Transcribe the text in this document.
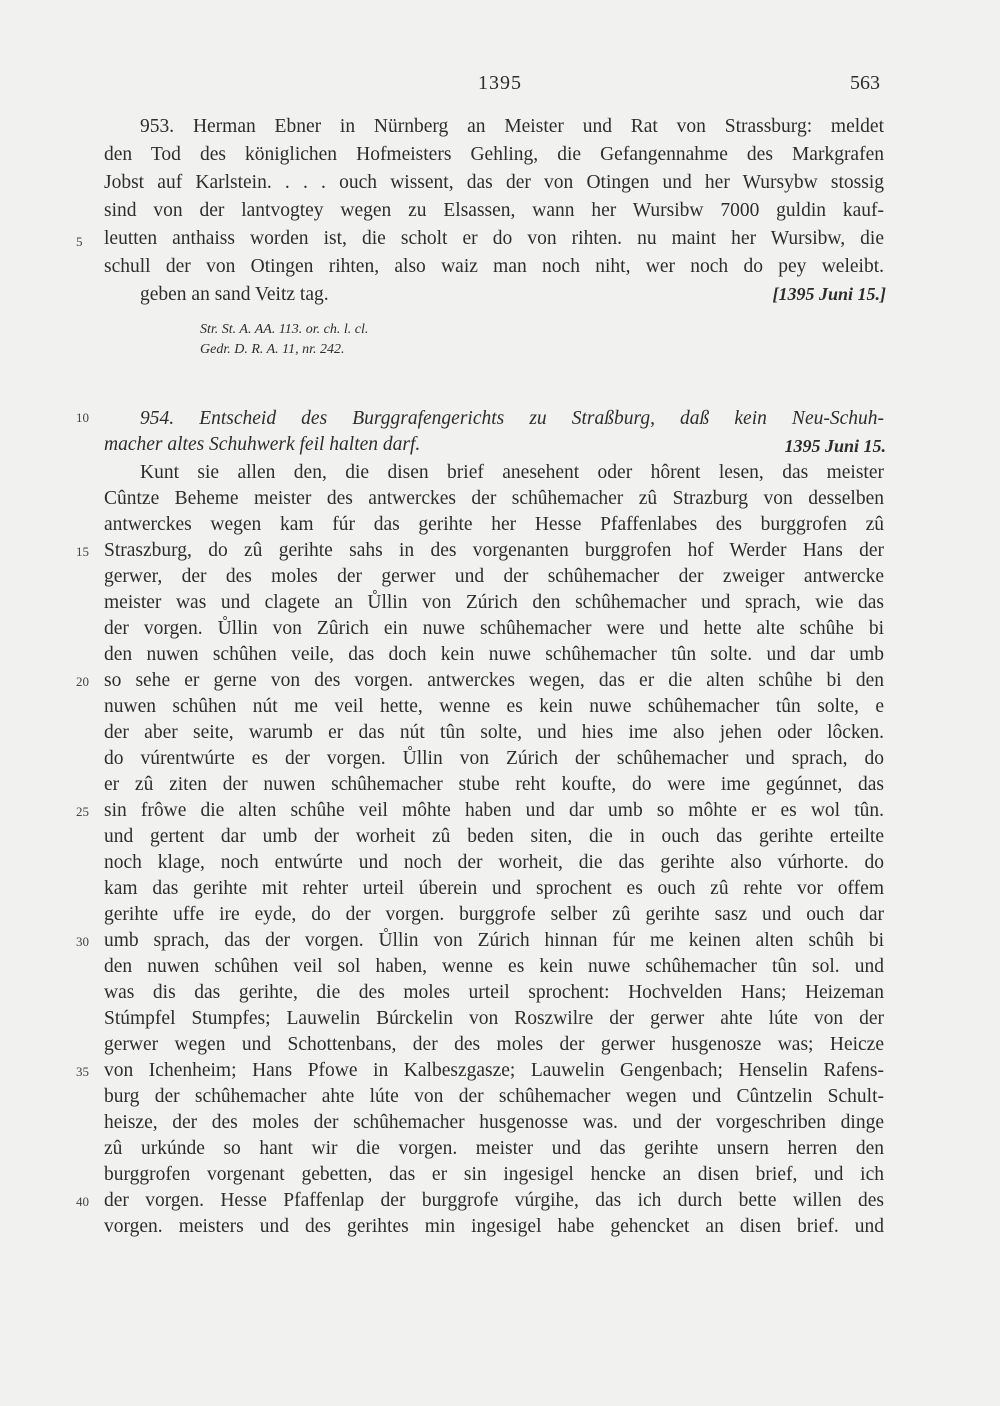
1395	563
953. Herman Ebner in Nürnberg an Meister und Rat von Strassburg: meldet
den Tod des königlichen Hofmeisters Gehling, die Gefangennahme des Markgrafen
Jobst auf Karlstein. . . . ouch wissent, das der von Otingen und her Wursybw stossig
sind von der lantvogtey wegen zu Elsassen, wann her Wursibw 7000 guldin kauf-
leutten anthaiss worden ist, die scholt er do von rihten. nu maint her Wursibw, die
schull der von Otingen rihten, also waiz man noch niht, wer noch do pey weleibt.
geben an sand Veitz tag.	[1395 Juni 15.]
Str. St. A. AA. 113. or. ch. l. cl.
Gedr. D. R. A. 11, nr. 242.
954. Entscheid des Burggrafengerichts zu Straßburg, daß kein Neu-Schuh-
macher altes Schuhwerk feil halten darf.	1395 Juni 15.
Kunt sie allen den, die disen brief anesehent oder hôrent lesen, das meister
Cûntze Beheme meister des antwerckes der schûhemacher zû Strazburg von desselben
antwerckes wegen kam fúr das gerihte her Hesse Pfaffenlabes des burggrofen zû
Straszburg, do zû gerihte sahs in des vorgenanten burggrofen hof Werder Hans der
gerwer, der des moles der gerwer und der schûhemacher der zweiger antwercke
meister was und clagete an Ůllin von Zúrich den schûhemacher und sprach, wie das
der vorgen. Ůllin von Zûrich ein nuwe schûhemacher were und hette alte schûhe bi
den nuwen schûhen veile, das doch kein nuwe schûhemacher tûn solte. und dar umb
so sehe er gerne von des vorgen. antwerckes wegen, das er die alten schûhe bi den
nuwen schûhen nút me veil hette, wenne es kein nuwe schûhemacher tûn solte, e
der aber seite, warumb er das nút tûn solte, und hies ime also jehen oder lôcken.
do vúrentwúrte es der vorgen. Ůllin von Zúrich der schûhemacher und sprach, do
er zû ziten der nuwen schûhemacher stube reht koufte, do were ime gegúnnet, das
sin frôwe die alten schûhe veil môhte haben und dar umb so môhte er es wol tûn.
und gertent dar umb der worheit zû beden siten, die in ouch das gerihte erteilte
noch klage, noch entwúrte und noch der worheit, die das gerihte also vúrhorte. do
kam das gerihte mit rehter urteil úberein und sprochent es ouch zû rehte vor offem
gerihte uffe ire eyde, do der vorgen. burggrofe selber zû gerihte sasz und ouch dar
umb sprach, das der vorgen. Ůllin von Zúrich hinnan fúr me keinen alten schûh bi
den nuwen schûhen veil sol haben, wenne es kein nuwe schûhemacher tûn sol. und
was dis das gerihte, die des moles urteil sprochent: Hochvelden Hans; Heizeman
Stúmpfel Stumpfes; Lauwelin Búrckelin von Roszwilre der gerwer ahte lúte von der
gerwer wegen und Schottenbans, der des moles der gerwer husgenosze was; Heicze
von Ichenheim; Hans Pfowe in Kalbeszgasze; Lauwelin Gengenbach; Henselin Rafens-
burg der schûhemacher ahte lúte von der schûhemacher wegen und Cûntzelin Schult-
heisze, der des moles der schûhemacher husgenosse was. und der vorgeschriben dinge
zû urkúnde so hant wir die vorgen. meister und das gerihte unsern herren den
burggrofen vorgenant gebetten, das er sin ingesigel hencke an disen brief, und ich
der vorgen. Hesse Pfaffenlap der burggrofe vúrgihe, das ich durch bette willen des
vorgen. meisters und des gerihtes min ingesigel habe gehencket an disen brief. und
5
10
15
20
25
30
35
40
